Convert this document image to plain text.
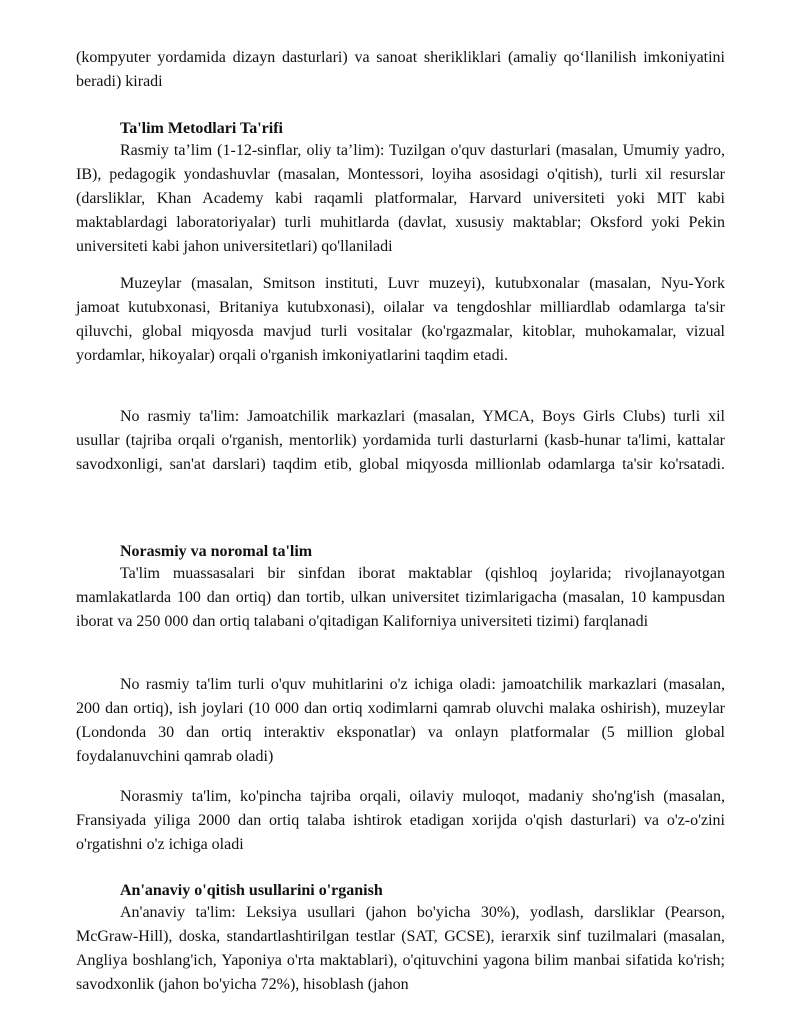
(kompyuter yordamida dizayn dasturlari) va sanoat sherikliklari (amaliy qo‘llanilish imkoniyatini beradi) kiradi

Ta'lim Metodlari Ta'rifi

Rasmiy ta’lim (1-12-sinflar, oliy ta’lim): Tuzilgan o'quv dasturlari (masalan, Umumiy yadro, IB), pedagogik yondashuvlar (masalan, Montessori, loyiha asosidagi o'qitish), turli xil resurslar (darsliklar, Khan Academy kabi raqamli platformalar, Harvard universiteti yoki MIT kabi maktablardagi laboratoriyalar) turli muhitlarda (davlat, xususiy maktablar; Oksford yoki Pekin universiteti kabi jahon universitetlari) qo'llaniladi

Muzeylar (masalan, Smitson instituti, Luvr muzeyi), kutubxonalar (masalan, Nyu-York jamoat kutubxonasi, Britaniya kutubxonasi), oilalar va tengdoshlar milliardlab odamlarga ta'sir qiluvchi, global miqyosda mavjud turli vositalar (ko'rgazmalar, kitoblar, muhokamalar, vizual yordamlar, hikoyalar) orqali o'rganish imkoniyatlarini taqdim etadi.

No rasmiy ta'lim: Jamoatchilik markazlari (masalan, YMCA, Boys Girls Clubs) turli xil usullar (tajriba orqali o'rganish, mentorlik) yordamida turli dasturlarni (kasb-hunar ta'limi, kattalar savodxonligi, san'at darslari) taqdim etib, global miqyosda millionlab odamlarga ta'sir ko'rsatadi.

Norasmiy va noromal ta'lim

Ta'lim muassasalari bir sinfdan iborat maktablar (qishloq joylarida; rivojlanayotgan mamlakatlarda 100 dan ortiq) dan tortib, ulkan universitet tizimlarigacha (masalan, 10 kampusdan iborat va 250 000 dan ortiq talabani o'qitadigan Kaliforniya universiteti tizimi) farqlanadi

No rasmiy ta'lim turli o'quv muhitlarini o'z ichiga oladi: jamoatchilik markazlari (masalan, 200 dan ortiq), ish joylari (10 000 dan ortiq xodimlarni qamrab oluvchi malaka oshirish), muzeylar (Londonda 30 dan ortiq interaktiv eksponatlar) va onlayn platformalar (5 million global foydalanuvchini qamrab oladi)

Norasmiy ta'lim, ko'pincha tajriba orqali, oilaviy muloqot, madaniy sho'ng'ish (masalan, Fransiyada yiliga 2000 dan ortiq talaba ishtirok etadigan xorijda o'qish dasturlari) va o'z-o'zini o'rgatishni o'z ichiga oladi

An'anaviy o'qitish usullarini o'rganish

An'anaviy ta'lim: Leksiya usullari (jahon bo'yicha 30%), yodlash, darsliklar (Pearson, McGraw-Hill), doska, standartlashtirilgan testlar (SAT, GCSE), ierarxik sinf tuzilmalari (masalan, Angliya boshlang'ich, Yaponiya o'rta maktablari), o'qituvchini yagona bilim manbai sifatida ko'rish; savodxonlik (jahon bo'yicha 72%), hisoblash (jahon
